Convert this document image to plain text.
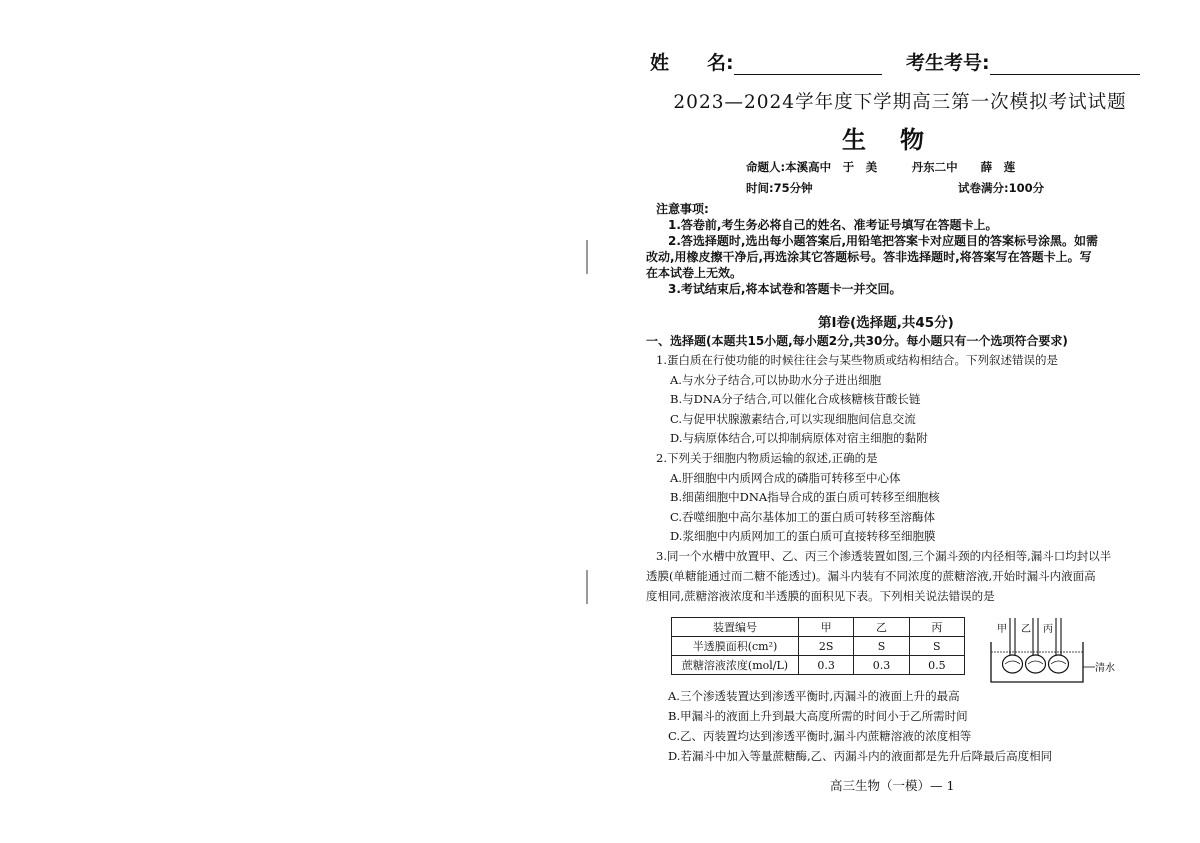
姓　　名:	考生考号:
2023—2024学年度下学期高三第一次模拟考试试题
生物
命题人:本溪高中　于　美　　　丹东二中　　薛　莲
时间:75分钟	试卷满分:100分
注意事项:
1.答卷前,考生务必将自己的姓名、准考证号填写在答题卡上。
2.答选择题时,选出每小题答案后,用铅笔把答案卡对应题目的答案标号涂黑。如需
改动,用橡皮擦干净后,再选涂其它答题标号。答非选择题时,将答案写在答题卡上。写
在本试卷上无效。
3.考试结束后,将本试卷和答题卡一并交回。
第Ⅰ卷(选择题,共45分)
一、选择题(本题共15小题,每小题2分,共30分。每小题只有一个选项符合要求)
1.蛋白质在行使功能的时候往往会与某些物质或结构相结合。下列叙述错误的是
A.与水分子结合,可以协助水分子进出细胞
B.与DNA分子结合,可以催化合成核糖核苷酸长链
C.与促甲状腺激素结合,可以实现细胞间信息交流
D.与病原体结合,可以抑制病原体对宿主细胞的黏附
2.下列关于细胞内物质运输的叙述,正确的是
A.肝细胞中内质网合成的磷脂可转移至中心体
B.细菌细胞中DNA指导合成的蛋白质可转移至细胞核
C.吞噬细胞中高尔基体加工的蛋白质可转移至溶酶体
D.浆细胞中内质网加工的蛋白质可直接转移至细胞膜
3.同一个水槽中放置甲、乙、丙三个渗透装置如图,三个漏斗颈的内径相等,漏斗口均封以半
透膜(单糖能通过而二糖不能透过)。漏斗内装有不同浓度的蔗糖溶液,开始时漏斗内液面高
度相同,蔗糖溶液浓度和半透膜的面积见下表。下列相关说法错误的是
装置编号	甲	乙	丙
半透膜面积(cm²)	2S	S	S
蔗糖溶液浓度(mol/L)	0.3	0.3	0.5
甲 乙 丙
清水
A.三个渗透装置达到渗透平衡时,丙漏斗的液面上升的最高
B.甲漏斗的液面上升到最大高度所需的时间小于乙所需时间
C.乙、丙装置均达到渗透平衡时,漏斗内蔗糖溶液的浓度相等
D.若漏斗中加入等量蔗糖酶,乙、丙漏斗内的液面都是先升后降最后高度相同
高三生物（一模）— 1
